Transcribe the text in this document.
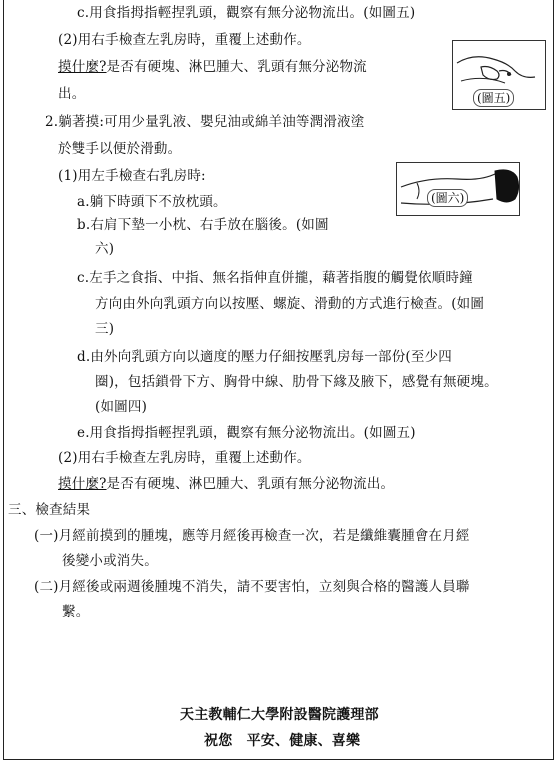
c.用食指拇指輕捏乳頭，觀察有無分泌物流出。(如圖五)
(2)用右手檢查左乳房時，重覆上述動作。
摸什麼?是否有硬塊、淋巴腫大、乳頭有無分泌物流
出。	(圖五)
2.躺著摸:可用少量乳液、嬰兒油或綿羊油等潤滑液塗
於雙手以便於滑動。
(1)用左手檢查右乳房時:
a.躺下時頭下不放枕頭。	(圖六)
b.右肩下墊一小枕、右手放在腦後。(如圖
六)
c.左手之食指、中指、無名指伸直併攏，藉著指腹的觸覺依順時鐘
方向由外向乳頭方向以按壓、螺旋、滑動的方式進行檢查。(如圖
三)
d.由外向乳頭方向以適度的壓力仔細按壓乳房每一部份(至少四
圈)，包括鎖骨下方、胸骨中線、肋骨下緣及腋下，感覺有無硬塊。
(如圖四)
e.用食指拇指輕捏乳頭，觀察有無分泌物流出。(如圖五)
(2)用右手檢查左乳房時，重覆上述動作。
摸什麼?是否有硬塊、淋巴腫大、乳頭有無分泌物流出。
三、檢查結果
(一)月經前摸到的腫塊，應等月經後再檢查一次，若是纖維囊腫會在月經
後變小或消失。
(二)月經後或兩週後腫塊不消失，請不要害怕，立刻與合格的醫護人員聯
繫。
天主教輔仁大學附設醫院護理部
祝您　平安、健康、喜樂
